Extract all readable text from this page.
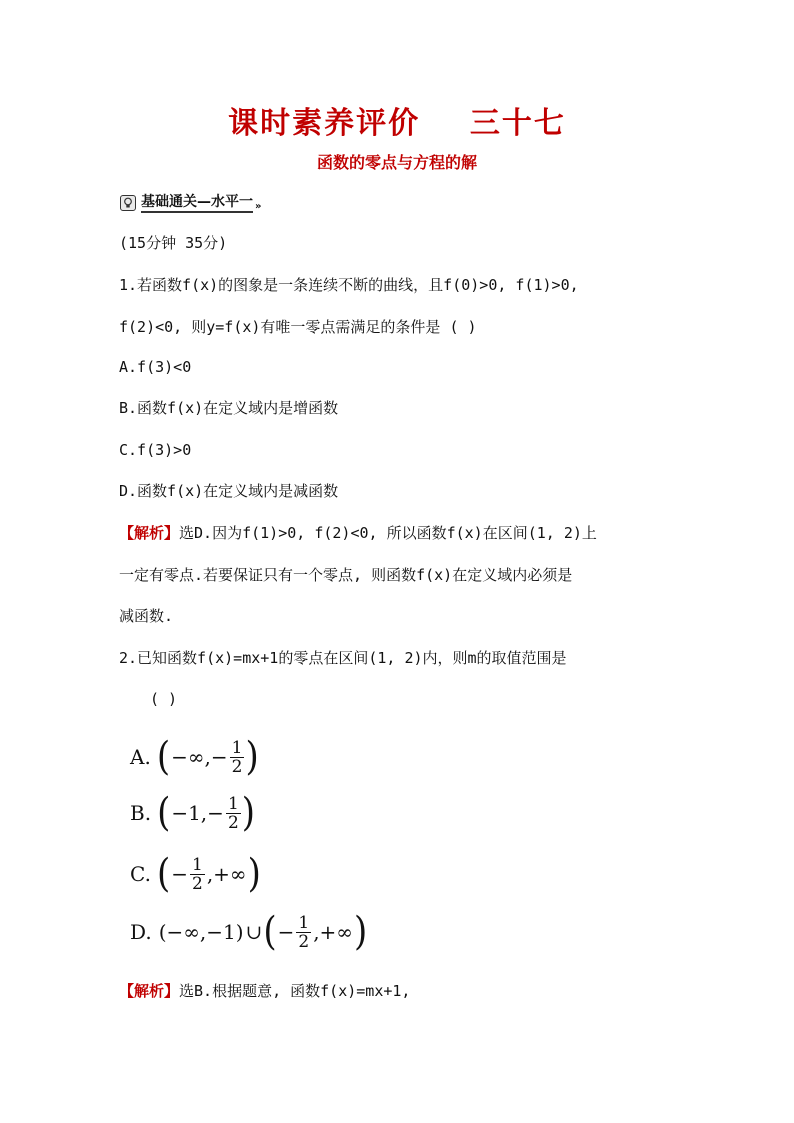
课时素养评价    三十七
函数的零点与方程的解
基础通关—水平一 »
(15分钟 35分)
1.若函数f(x)的图象是一条连续不断的曲线，且f(0)>0, f(1)>0,
f(2)<0, 则y=f(x)有唯一零点需满足的条件是 ( )
A.f(3)<0
B.函数f(x)在定义域内是增函数
C.f(3)>0
D.函数f(x)在定义域内是减函数
【解析】选D.因为f(1)>0, f(2)<0, 所以函数f(x)在区间(1, 2)上
一定有零点.若要保证只有一个零点, 则函数f(x)在定义域内必须是
减函数.
2.已知函数f(x)=mx+1的零点在区间(1, 2)内，则m的取值范围是
( )
A. ( −∞,− $\frac{1}{2}$ )
B. ( $-1,- \frac{1}{2}$ )
C. ( − $\frac{1}{2}$ ,+∞ )
D. (−∞,−1) ∪ ( − $\frac{1}{2}$ ,+∞ )
【解析】选B.根据题意, 函数f(x)=mx+1,
